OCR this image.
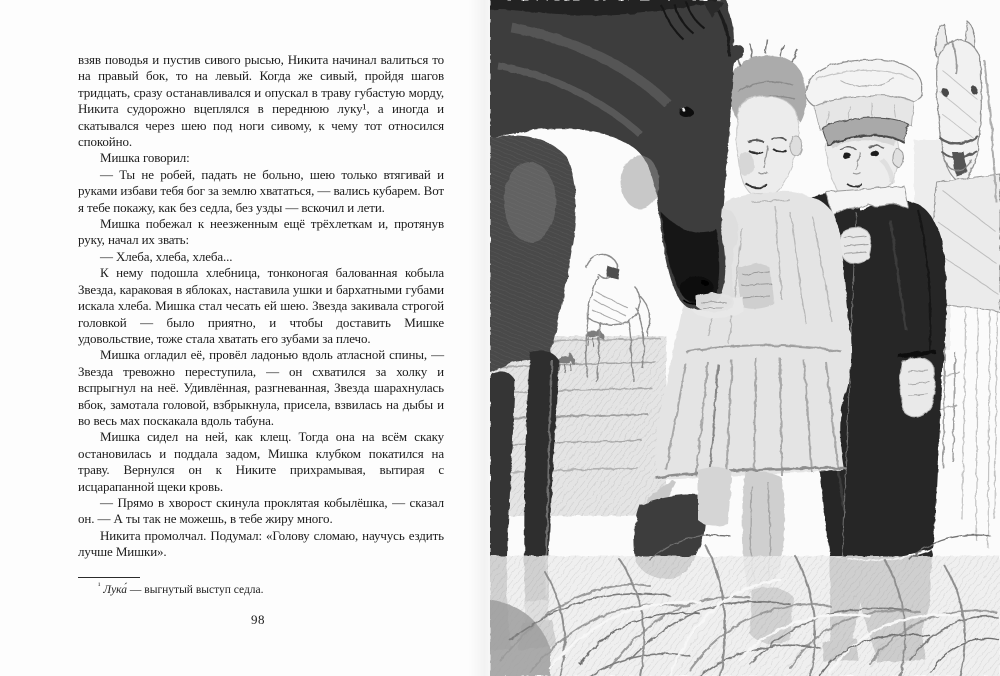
взяв поводья и пустив сивого рысью, Никита начинал валиться то на правый бок, то на левый. Когда же сивый, пройдя шагов тридцать, сразу останавливался и опускал в траву губастую морду, Никита судорожно вцеплялся в переднюю луку¹, а иногда и скатывался через шею под ноги сивому, к чему тот относился спокойно.

Мишка говорил:

— Ты не робей, падать не больно, шею только втягивай и руками избави тебя бог за землю хвататься, — вались кубарем. Вот я тебе покажу, как без седла, без узды — вскочил и лети.

Мишка побежал к неезженным ещё трёхлеткам и, протянув руку, начал их звать:

— Хлеба, хлеба, хлеба...

К нему подошла хлебница, тонконогая балованная кобыла Звезда, караковая в яблоках, наставила ушки и бархатными губами искала хлеба. Мишка стал чесать ей шею. Звезда закивала строгой головкой — было приятно, и чтобы доставить Мишке удовольствие, тоже стала хватать его зубами за плечо.

Мишка огладил её, провёл ладонью вдоль атласной спины, — Звезда тревожно переступила, — он схватился за холку и вспрыгнул на неё. Удивлённая, разгневанная, Звезда шарахнулась вбок, замотала головой, взбрыкнула, присела, взвилась на дыбы и во весь мах поскакала вдоль табуна.

Мишка сидел на ней, как клещ. Тогда она на всём скаку остановилась и поддала задом, Мишка клубком покатился на траву. Вернулся он к Никите прихрамывая, вытирая с исцарапанной щеки кровь.

— Прямо в хворост скинула проклятая кобылёшка, — сказал он. — А ты так не можешь, в тебе жиру много.

Никита промолчал. Подумал: «Голову сломаю, научусь ездить лучше Мишки».

$^{^1}$ Лука́ — выгнутый выступ седла.

98
